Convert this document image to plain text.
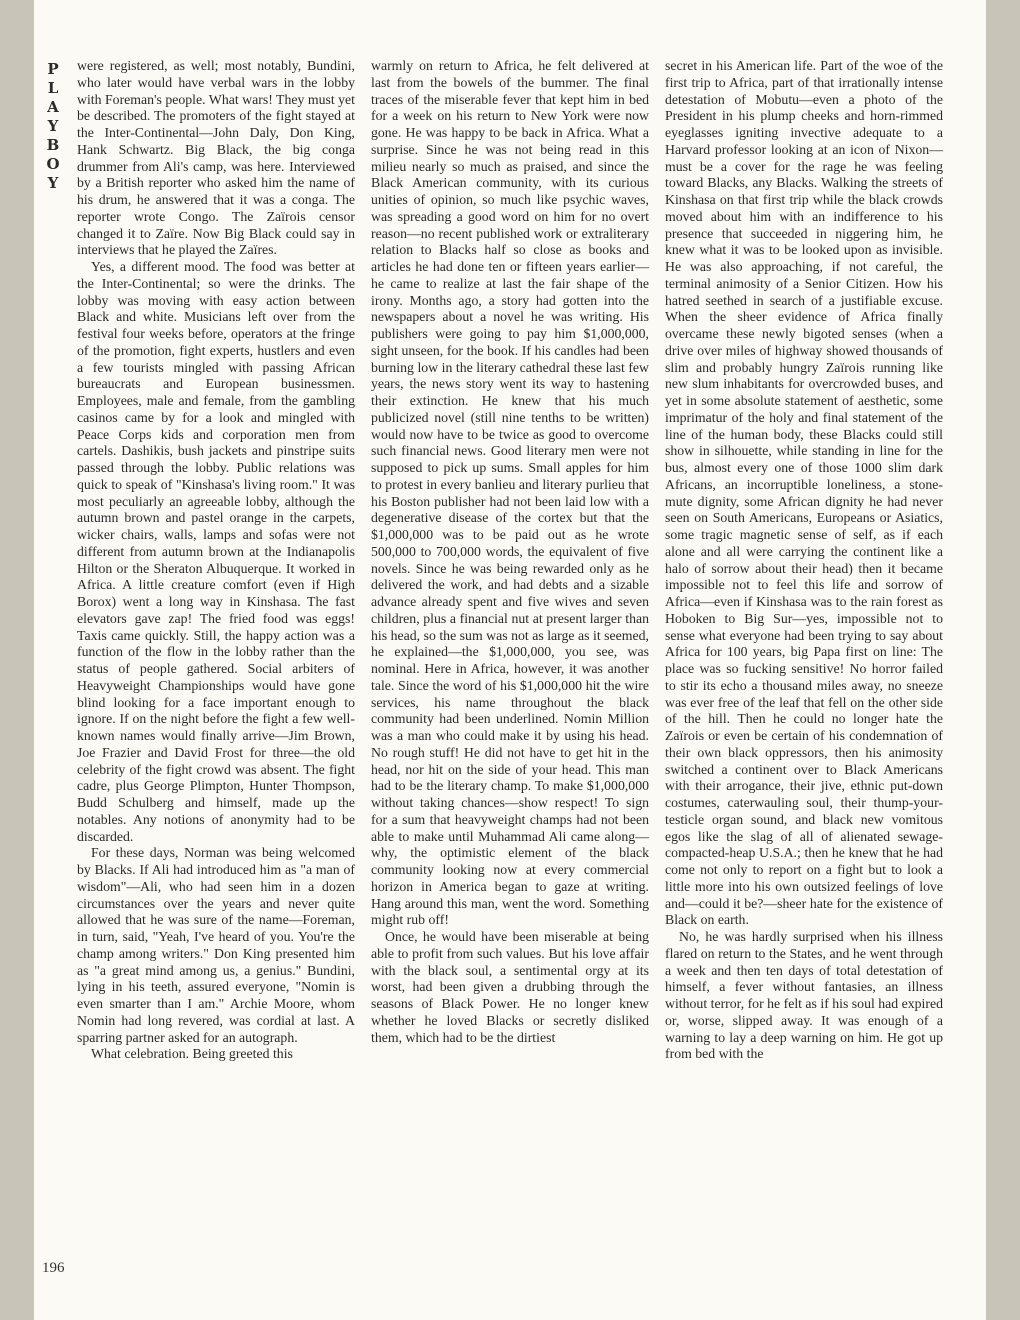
P
L
A
Y
B
O
Y

were registered, as well; most notably, Bundini, who later would have verbal wars in the lobby with Foreman's people. What wars! They must yet be described. The promoters of the fight stayed at the Inter-Continental—John Daly, Don King, Hank Schwartz. Big Black, the big conga drummer from Ali's camp, was here. Interviewed by a British reporter who asked him the name of his drum, he answered that it was a conga. The reporter wrote Congo. The Zaïrois censor changed it to Zaïre. Now Big Black could say in interviews that he played the Zaïres.

Yes, a different mood. The food was better at the Inter-Continental; so were the drinks. The lobby was moving with easy action between Black and white. Musicians left over from the festival four weeks before, operators at the fringe of the promotion, fight experts, hustlers and even a few tourists mingled with passing African bureaucrats and European businessmen. Employees, male and female, from the gambling casinos came by for a look and mingled with Peace Corps kids and corporation men from cartels. Dashikis, bush jackets and pinstripe suits passed through the lobby. Public relations was quick to speak of "Kinshasa's living room." It was most peculiarly an agreeable lobby, although the autumn brown and pastel orange in the carpets, wicker chairs, walls, lamps and sofas were not different from autumn brown at the Indianapolis Hilton or the Sheraton Albuquerque. It worked in Africa. A little creature comfort (even if High Borox) went a long way in Kinshasa. The fast elevators gave zap! The fried food was eggs! Taxis came quickly. Still, the happy action was a function of the flow in the lobby rather than the status of people gathered. Social arbiters of Heavyweight Championships would have gone blind looking for a face important enough to ignore. If on the night before the fight a few well-known names would finally arrive—Jim Brown, Joe Frazier and David Frost for three—the old celebrity of the fight crowd was absent. The fight cadre, plus George Plimpton, Hunter Thompson, Budd Schulberg and himself, made up the notables. Any notions of anonymity had to be discarded.

For these days, Norman was being welcomed by Blacks. If Ali had introduced him as "a man of wisdom"—Ali, who had seen him in a dozen circumstances over the years and never quite allowed that he was sure of the name—Foreman, in turn, said, "Yeah, I've heard of you. You're the champ among writers." Don King presented him as "a great mind among us, a genius." Bundini, lying in his teeth, assured everyone, "Nomin is even smarter than I am." Archie Moore, whom Nomin had long revered, was cordial at last. A sparring partner asked for an autograph.

What celebration. Being greeted this

warmly on return to Africa, he felt delivered at last from the bowels of the bummer. The final traces of the miserable fever that kept him in bed for a week on his return to New York were now gone. He was happy to be back in Africa. What a surprise. Since he was not being read in this milieu nearly so much as praised, and since the Black American community, with its curious unities of opinion, so much like psychic waves, was spreading a good word on him for no overt reason—no recent published work or extraliterary relation to Blacks half so close as books and articles he had done ten or fifteen years earlier—he came to realize at last the fair shape of the irony. Months ago, a story had gotten into the newspapers about a novel he was writing. His publishers were going to pay him $1,000,000, sight unseen, for the book. If his candles had been burning low in the literary cathedral these last few years, the news story went its way to hastening their extinction. He knew that his much publicized novel (still nine tenths to be written) would now have to be twice as good to overcome such financial news. Good literary men were not supposed to pick up sums. Small apples for him to protest in every banlieu and literary purlieu that his Boston publisher had not been laid low with a degenerative disease of the cortex but that the $1,000,000 was to be paid out as he wrote 500,000 to 700,000 words, the equivalent of five novels. Since he was being rewarded only as he delivered the work, and had debts and a sizable advance already spent and five wives and seven children, plus a financial nut at present larger than his head, so the sum was not as large as it seemed, he explained—the $1,000,000, you see, was nominal. Here in Africa, however, it was another tale. Since the word of his $1,000,000 hit the wire services, his name throughout the black community had been underlined. Nomin Million was a man who could make it by using his head. No rough stuff! He did not have to get hit in the head, nor hit on the side of your head. This man had to be the literary champ. To make $1,000,000 without taking chances—show respect! To sign for a sum that heavyweight champs had not been able to make until Muhammad Ali came along—why, the optimistic element of the black community looking now at every commercial horizon in America began to gaze at writing. Hang around this man, went the word. Something might rub off!

Once, he would have been miserable at being able to profit from such values. But his love affair with the black soul, a sentimental orgy at its worst, had been given a drubbing through the seasons of Black Power. He no longer knew whether he loved Blacks or secretly disliked them, which had to be the dirtiest

secret in his American life. Part of the woe of the first trip to Africa, part of that irrationally intense detestation of Mobutu—even a photo of the President in his plump cheeks and horn-rimmed eyeglasses igniting invective adequate to a Harvard professor looking at an icon of Nixon—must be a cover for the rage he was feeling toward Blacks, any Blacks. Walking the streets of Kinshasa on that first trip while the black crowds moved about him with an indifference to his presence that succeeded in niggering him, he knew what it was to be looked upon as invisible. He was also approaching, if not careful, the terminal animosity of a Senior Citizen. How his hatred seethed in search of a justifiable excuse. When the sheer evidence of Africa finally overcame these newly bigoted senses (when a drive over miles of highway showed thousands of slim and probably hungry Zaïrois running like new slum inhabitants for overcrowded buses, and yet in some absolute statement of aesthetic, some imprimatur of the holy and final statement of the line of the human body, these Blacks could still show in silhouette, while standing in line for the bus, almost every one of those 1000 slim dark Africans, an incorruptible loneliness, a stone-mute dignity, some African dignity he had never seen on South Americans, Europeans or Asiatics, some tragic magnetic sense of self, as if each alone and all were carrying the continent like a halo of sorrow about their head) then it became impossible not to feel this life and sorrow of Africa—even if Kinshasa was to the rain forest as Hoboken to Big Sur—yes, impossible not to sense what everyone had been trying to say about Africa for 100 years, big Papa first on line: The place was so fucking sensitive! No horror failed to stir its echo a thousand miles away, no sneeze was ever free of the leaf that fell on the other side of the hill. Then he could no longer hate the Zaïrois or even be certain of his condemnation of their own black oppressors, then his animosity switched a continent over to Black Americans with their arrogance, their jive, ethnic put-down costumes, caterwauling soul, their thump-your-testicle organ sound, and black new vomitous egos like the slag of all of alienated sewage-compacted-heap U.S.A.; then he knew that he had come not only to report on a fight but to look a little more into his own outsized feelings of love and—could it be?—sheer hate for the existence of Black on earth.

No, he was hardly surprised when his illness flared on return to the States, and he went through a week and then ten days of total detestation of himself, a fever without fantasies, an illness without terror, for he felt as if his soul had expired or, worse, slipped away. It was enough of a warning to lay a deep warning on him. He got up from bed with the

196
